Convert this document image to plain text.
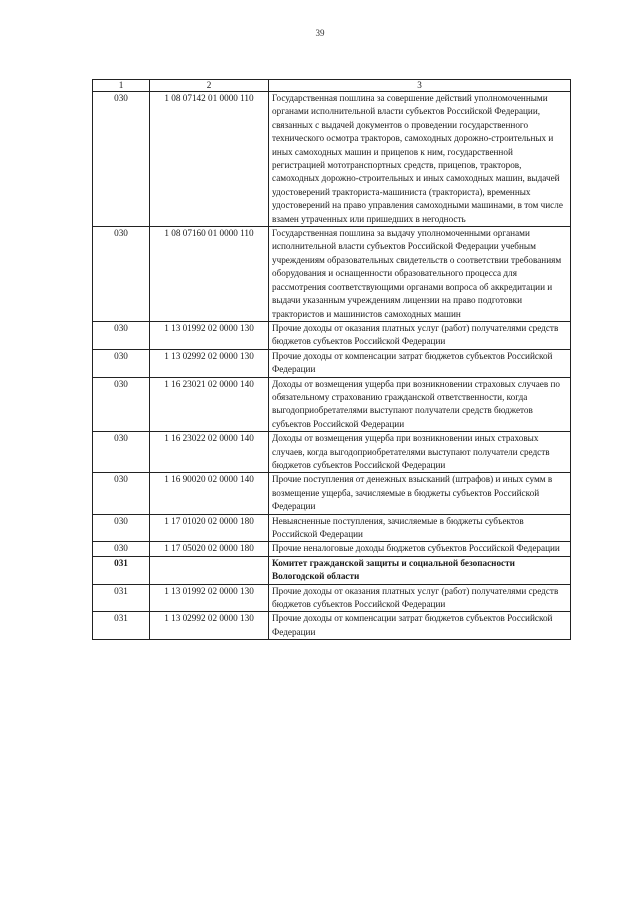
39
1	2	3
030	1 08 07142 01 0000 110	Государственная пошлина за совершение действий уполномоченными органами исполнительной власти субъектов Российской Федерации, связанных с выдачей документов о проведении государственного технического осмотра тракторов, самоходных дорожно-строительных и иных самоходных машин и прицепов к ним, государственной регистрацией мототранспортных средств, прицепов, тракторов, самоходных дорожно-строительных и иных самоходных машин, выдачей удостоверений тракториста-машиниста (тракториста), временных удостоверений на право управления самоходными машинами, в том числе взамен утраченных или пришедших в негодность
030	1 08 07160 01 0000 110	Государственная пошлина за выдачу уполномоченными органами исполнительной власти субъектов Российской Федерации учебным учреждениям образовательных свидетельств о соответствии требованиям оборудования и оснащенности образовательного процесса для рассмотрения соответствующими органами вопроса об аккредитации и выдачи указанным учреждениям лицензии на право подготовки трактористов и машинистов самоходных машин
030	1 13 01992 02 0000 130	Прочие доходы от оказания платных услуг (работ) получателями средств бюджетов субъектов Российской Федерации
030	1 13 02992 02 0000 130	Прочие доходы от компенсации затрат бюджетов субъектов Российской Федерации
030	1 16 23021 02 0000 140	Доходы от возмещения ущерба при возникновении страховых случаев по обязательному страхованию гражданской ответственности, когда выгодоприобретателями выступают получатели средств бюджетов субъектов Российской Федерации
030	1 16 23022 02 0000 140	Доходы от возмещения ущерба при возникновении иных страховых случаев, когда выгодоприобретателями выступают получатели средств бюджетов субъектов Российской Федерации
030	1 16 90020 02 0000 140	Прочие поступления от денежных взысканий (штрафов) и иных сумм в возмещение ущерба, зачисляемые в бюджеты субъектов Российской Федерации
030	1 17 01020 02 0000 180	Невыясненные поступления, зачисляемые в бюджеты субъектов Российской Федерации
030	1 17 05020 02 0000 180	Прочие неналоговые доходы бюджетов субъектов Российской Федерации
031		Комитет гражданской защиты и социальной безопасности Вологодской области
031	1 13 01992 02 0000 130	Прочие доходы от оказания платных услуг (работ) получателями средств бюджетов субъектов Российской Федерации
031	1 13 02992 02 0000 130	Прочие доходы от компенсации затрат бюджетов субъектов Российской Федерации
